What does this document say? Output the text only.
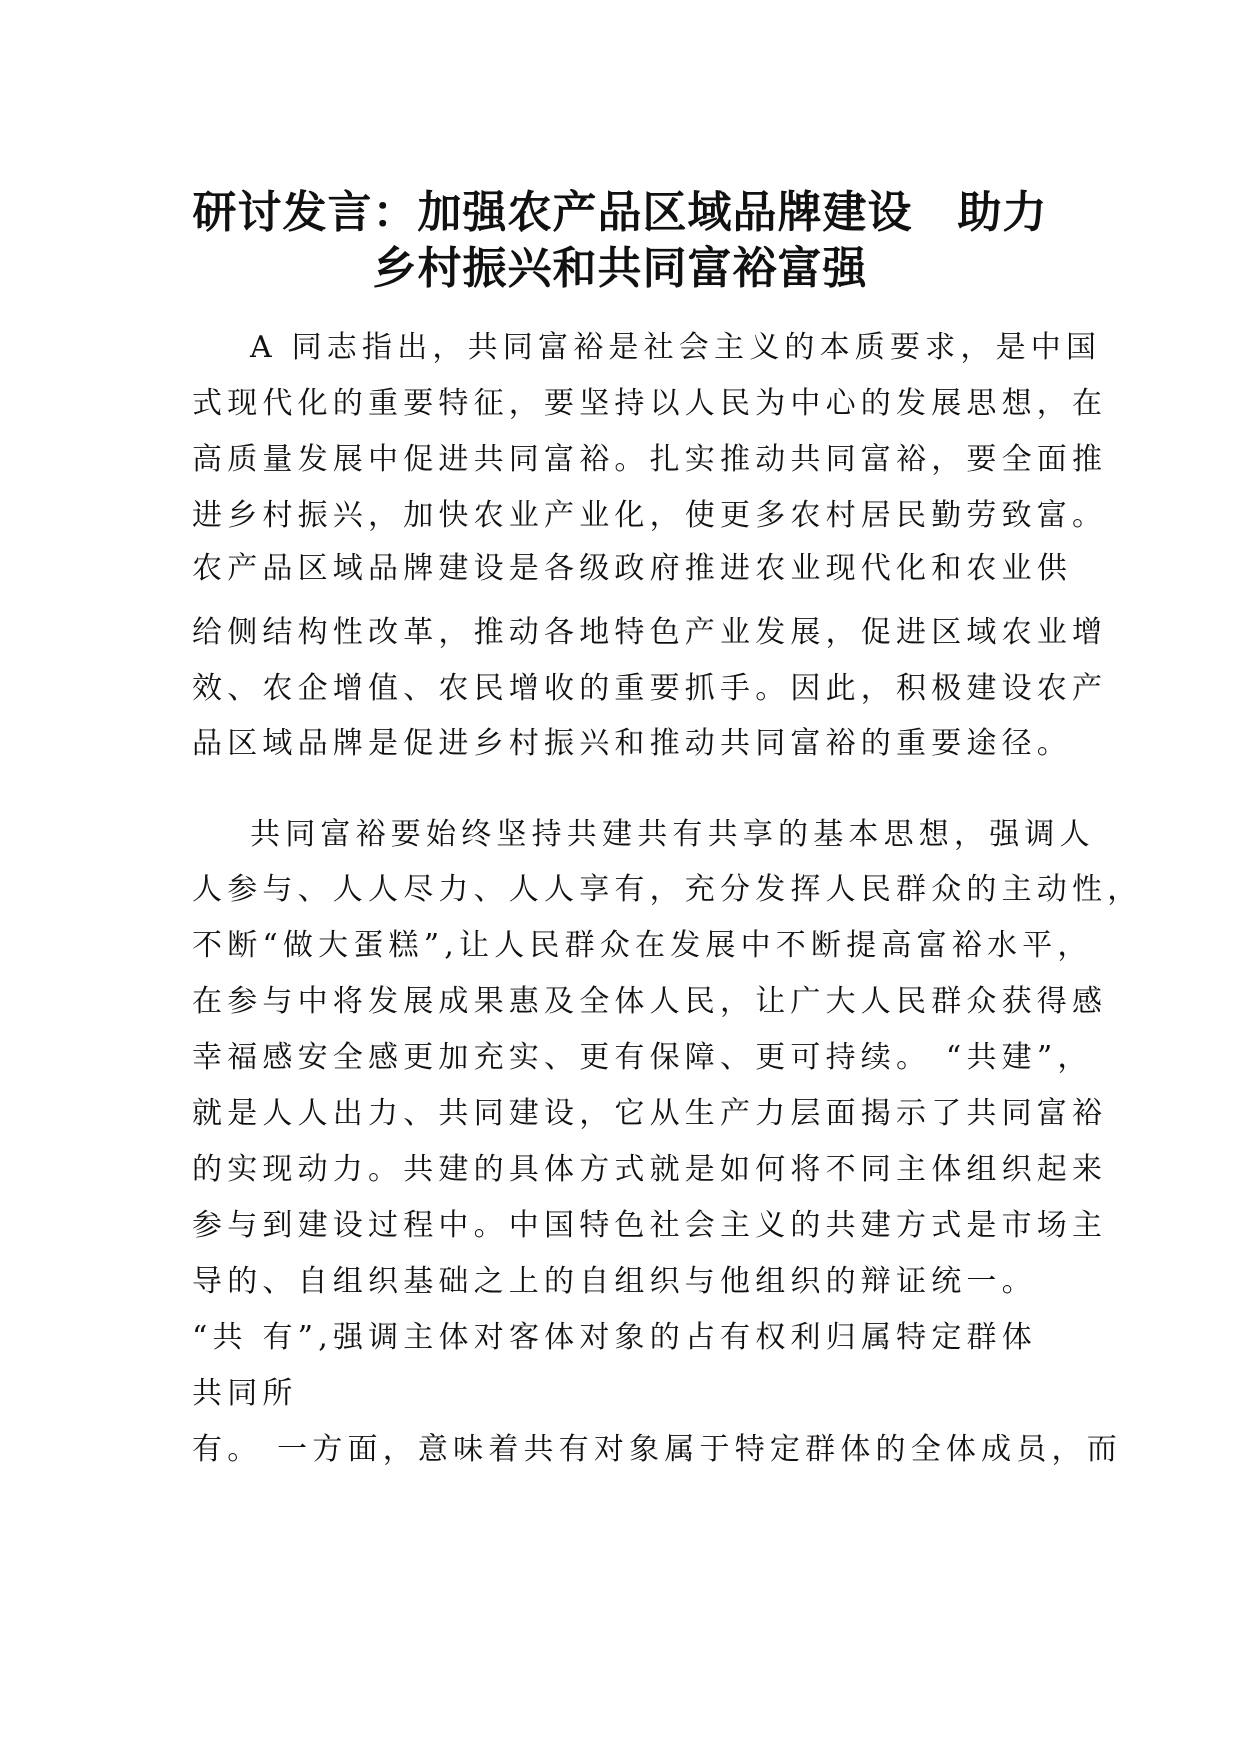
研讨发言：加强农产品区域品牌建设　助力
乡村振兴和共同富裕富强

A 同志指出，共同富裕是社会主义的本质要求，是中国

式现代化的重要特征，要坚持以人民为中心的发展思想，在

高质量发展中促进共同富裕。扎实推动共同富裕，要全面推

进乡村振兴，加快农业产业化，使更多农村居民勤劳致富。

农产品区域品牌建设是各级政府推进农业现代化和农业供

给侧结构性改革，推动各地特色产业发展，促进区域农业增

效、农企增值、农民增收的重要抓手。因此，积极建设农产

品区域品牌是促进乡村振兴和推动共同富裕的重要途径。

共同富裕要始终坚持共建共有共享的基本思想，强调人

人参与、人人尽力、人人享有，充分发挥人民群众的主动性，

不断“做大蛋糕”,让人民群众在发展中不断提高富裕水平，

在参与中将发展成果惠及全体人民，让广大人民群众获得感

幸福感安全感更加充实、更有保障、更可持续。 “共建”，

就是人人出力、共同建设，它从生产力层面揭示了共同富裕

的实现动力。共建的具体方式就是如何将不同主体组织起来

参与到建设过程中。中国特色社会主义的共建方式是市场主

导的、自组织基础之上的自组织与他组织的辩证统一。

“共 有”,强调主体对客体对象的占有权利归属特定群体

共同所

有。 一方面，意味着共有对象属于特定群体的全体成员，而
